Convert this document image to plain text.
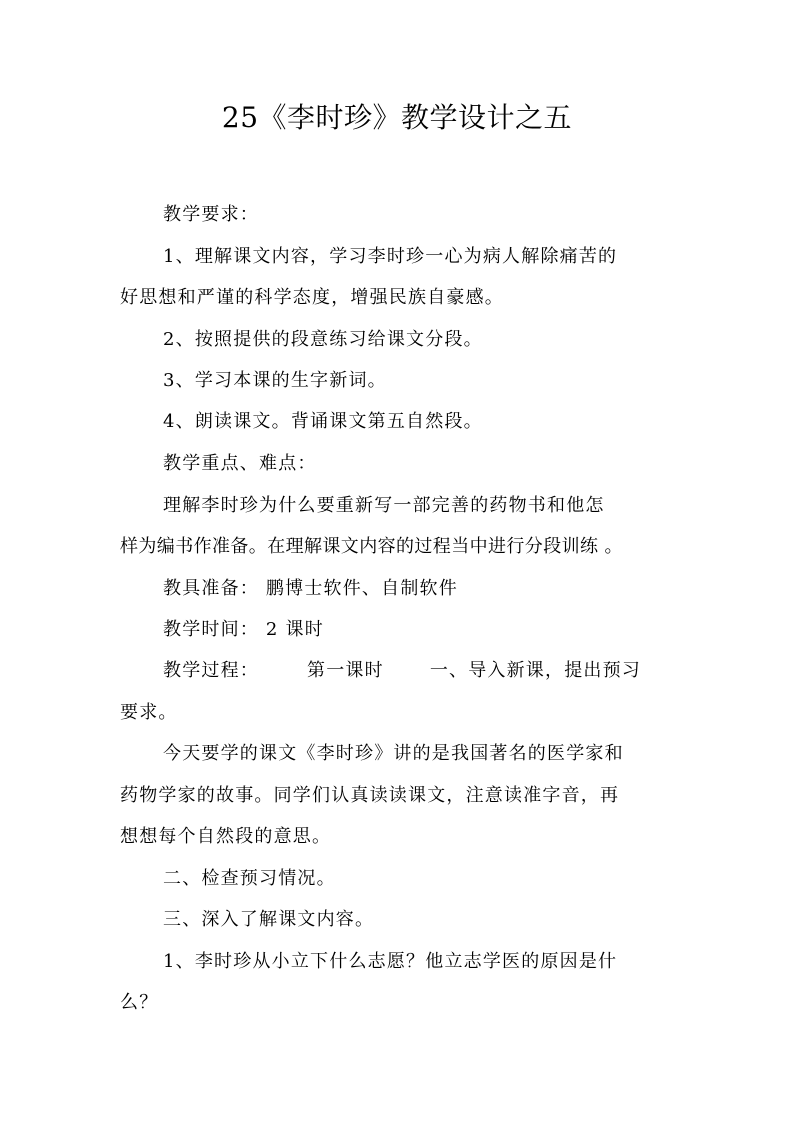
25《李时珍》教学设计之五
教学要求：
1、理解课文内容，学习李时珍一心为病人解除痛苦的
好思想和严谨的科学态度，增强民族自豪感。
2、按照提供的段意练习给课文分段。
3、学习本课的生字新词。
4、朗读课文。背诵课文第五自然段。
教学重点、难点：
理解李时珍为什么要重新写一部完善的药物书和他怎
样为编书作准备。在理解课文内容的过程当中进行分段训练 。
教具准备： 鹏博士软件、自制软件
教学时间： 2 课时
教学过程：	第一课时	一、导入新课，提出预习
要求。
今天要学的课文《李时珍》讲的是我国著名的医学家和
药物学家的故事。同学们认真读读课文，注意读准字音，再
想想每个自然段的意思。
二、检查预习情况。
三、深入了解课文内容。
1、李时珍从小立下什么志愿？他立志学医的原因是什
么？
